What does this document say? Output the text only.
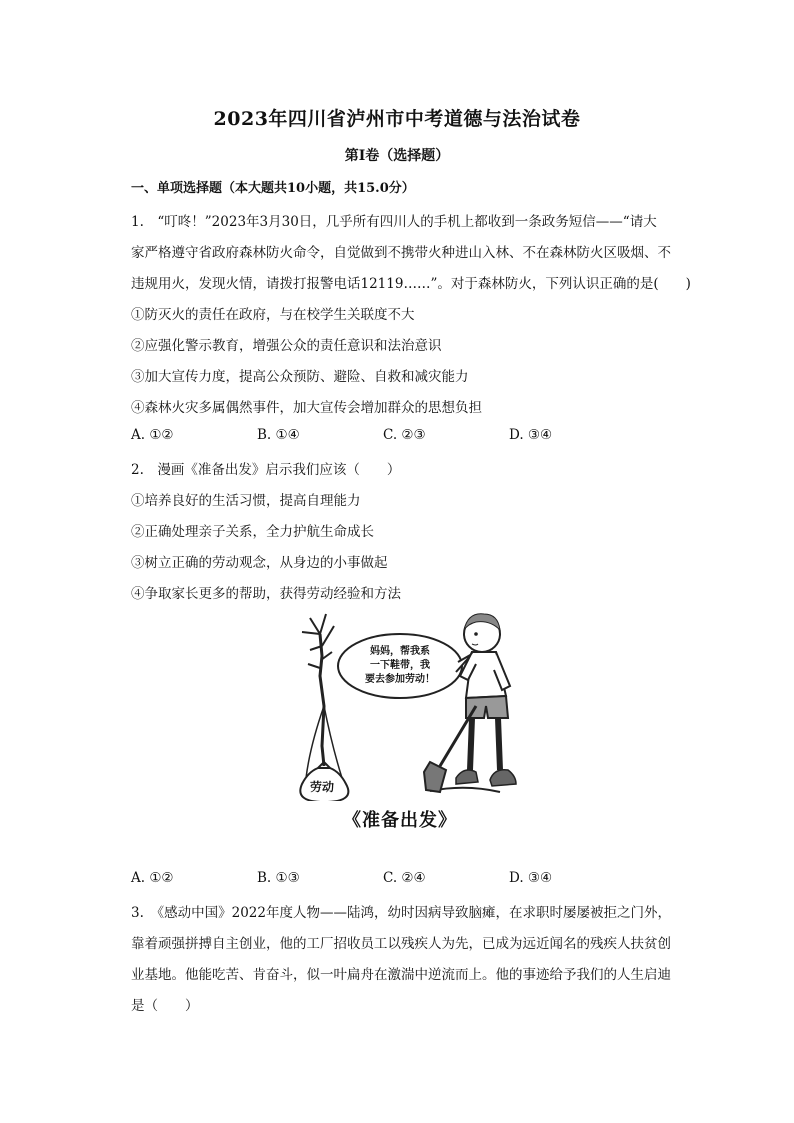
2023年四川省泸州市中考道德与法治试卷
第I卷（选择题）
一、单项选择题（本大题共10小题，共15.0分）
1.　“叮咚！”2023年3月30日，几乎所有四川人的手机上都收到一条政务短信——“请大
家严格遵守省政府森林防火命令，自觉做到不携带火种进山入林、不在森林防火区吸烟、不
违规用火，发现火情，请拨打报警电话12119……”。对于森林防火，下列认识正确的是(　　)
①防灭火的责任在政府，与在校学生关联度不大
②应强化警示教育，增强公众的责任意识和法治意识
③加大宣传力度，提高公众预防、避险、自救和减灾能力
④森林火灾多属偶然事件，加大宣传会增加群众的思想负担
A. ①②	B. ①④	C. ②③	D. ③④
2.　漫画《准备出发》启示我们应该（　　）
①培养良好的生活习惯，提高自理能力
②正确处理亲子关系，全力护航生命成长
③树立正确的劳动观念，从身边的小事做起
④争取家长更多的帮助，获得劳动经验和方法
劳动
妈妈，帮我系
一下鞋带，我
要去参加劳动！
《准备出发》
A. ①②	B. ①③	C. ②④	D. ③④
3.　《感动中国》2022年度人物——陆鸿，幼时因病导致脑瘫，在求职时屡屡被拒之门外，
靠着顽强拼搏自主创业，他的工厂招收员工以残疾人为先，已成为远近闻名的残疾人扶贫创
业基地。他能吃苦、肯奋斗，似一叶扁舟在激湍中逆流而上。他的事迹给予我们的人生启迪
是（　　）
